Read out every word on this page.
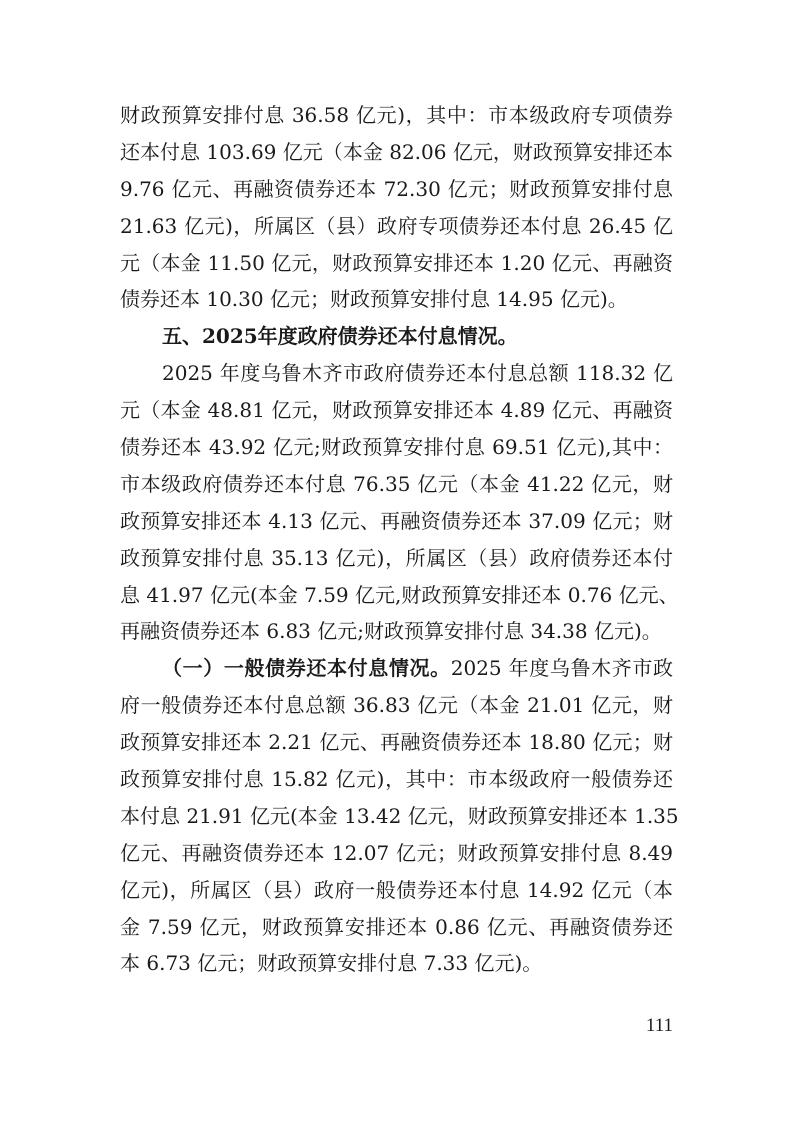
财政预算安排付息 36.58 亿元)，其中：市本级政府专项债券
还本付息 103.69 亿元（本金 82.06 亿元，财政预算安排还本
9.76 亿元、再融资债券还本 72.30 亿元；财政预算安排付息
21.63 亿元)，所属区（县）政府专项债券还本付息 26.45 亿
元（本金 11.50 亿元，财政预算安排还本 1.20 亿元、再融资
债券还本 10.30 亿元；财政预算安排付息 14.95 亿元)。
五、2025年度政府债券还本付息情况。
2025 年度乌鲁木齐市政府债券还本付息总额 118.32 亿
元（本金 48.81 亿元，财政预算安排还本 4.89 亿元、再融资
债券还本 43.92 亿元;财政预算安排付息 69.51 亿元),其中：
市本级政府债券还本付息 76.35 亿元（本金 41.22 亿元，财
政预算安排还本 4.13 亿元、再融资债券还本 37.09 亿元；财
政预算安排付息 35.13 亿元)，所属区（县）政府债券还本付
息 41.97 亿元(本金 7.59 亿元,财政预算安排还本 0.76 亿元、
再融资债券还本 6.83 亿元;财政预算安排付息 34.38 亿元)。
（一）一般债券还本付息情况。2025 年度乌鲁木齐市政
府一般债券还本付息总额 36.83 亿元（本金 21.01 亿元，财
政预算安排还本 2.21 亿元、再融资债券还本 18.80 亿元；财
政预算安排付息 15.82 亿元)，其中：市本级政府一般债券还
本付息 21.91 亿元(本金 13.42 亿元，财政预算安排还本 1.35
亿元、再融资债券还本 12.07 亿元；财政预算安排付息 8.49
亿元)，所属区（县）政府一般债券还本付息 14.92 亿元（本
金 7.59 亿元，财政预算安排还本 0.86 亿元、再融资债券还
本 6.73 亿元；财政预算安排付息 7.33 亿元)。
111
